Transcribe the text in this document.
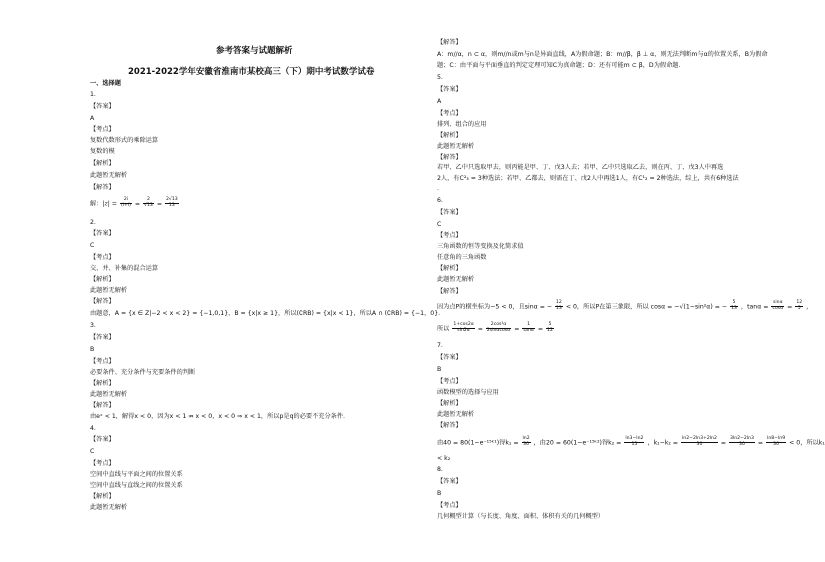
参考答案与试题解析
2021-2022学年安徽省淮南市某校高三（下）期中考试数学试卷
一、选择题
1.
【答案】
A
【考点】
复数代数形式的乘除运算
复数的模
【解析】
此题暂无解析
【解答】
解：$|z| = \frac{2i}{(i+i)} = \frac{2}{√13} = \frac{2√13}{13}$
2.
【答案】
C
【考点】
交、并、补集的混合运算
【解析】
此题暂无解析
【解答】
由题意，A = {x ∈ Z|−2 < x < 2} = {−1,0,1}，B = {x|x ≥ 1}，所以(∁RB) = {x|x < 1}，所以A ∩ (∁RB) = {−1，0}.
3.
【答案】
B
【考点】
必要条件、充分条件与充要条件的判断
【解析】
此题暂无解析
【解答】
由eˣ < 1，解得x < 0，因为x < 1 ⇏ x < 0，x < 0 ⇒ x < 1，所以p是q的必要不充分条件.
4.
【答案】
C
【考点】
空间中直线与平面之间的位置关系
空间中直线与直线之间的位置关系
【解析】
此题暂无解析
【解答】
A：m//α，n ⊂ α，则m//n或m与n是异面直线，A为假命题；B：m//β，β ⊥ α，则无法判断m与α的位置关系，B为假命
题；C：由平面与平面垂直的判定定理可知C为真命题；D：还有可能m ⊂ β，D为假命题.
5.
【答案】
A
【考点】
排列、组合的应用
【解析】
此题暂无解析
【解答】
若甲、乙中只选取甲去，则丙能是甲、丁、戊3人去；若甲、乙中只选取乙去，则在丙、丁、戊3人中再选
2人，有C²₃ = 3种选法；若甲、乙都去，则需在丁、戊2人中再选1人，有C¹₂ = 2种选法，综上，共有6种选法
.
6.
【答案】
C
【考点】
三角函数的恒等变换及化简求值
任意角的三角函数
【解析】
此题暂无解析
【解答】
因为点P的横坐标为−5 < 0，且sinα = − $\frac{12}{13} < 0$，所以P在第三象限，所以 cosα = −√(1−sin²α) = − $\frac{5}{13}$ ，$\tan\alpha = \frac{\sin\alpha}{\cos\alpha} = \frac{12}{5}$ ，
所以 $\frac{1+\cos 2\alpha}{\sin 2\alpha} = \frac{\text{2cos²α}}{2\sin\alpha\cos\alpha} = \frac{1}{\tan\alpha} = \frac{5}{12}$
7.
【答案】
B
【考点】
函数模型的选择与应用
【解析】
此题暂无解析
【解答】
由40 = 80(1−e⁻¹⁵ᵏ¹)得$k_1 = \frac{\ln 2}{30}$ ，由20 = 60(1−e⁻¹⁵ᵏ²)得$k_2 = \frac{\ln 3-\ln 2}{15}$ ，$k_1-k_2 = \frac{\ln 2-2\ln 3+2\ln 2}{30} = \frac{3\ln 2-2\ln 3}{30} = \frac{\ln 8-\ln 9}{30} < 0$，所以k₁
< k₂
8.
【答案】
B
【考点】
几何概型计算（与长度、角度、面积、体积有关的几何概型）
